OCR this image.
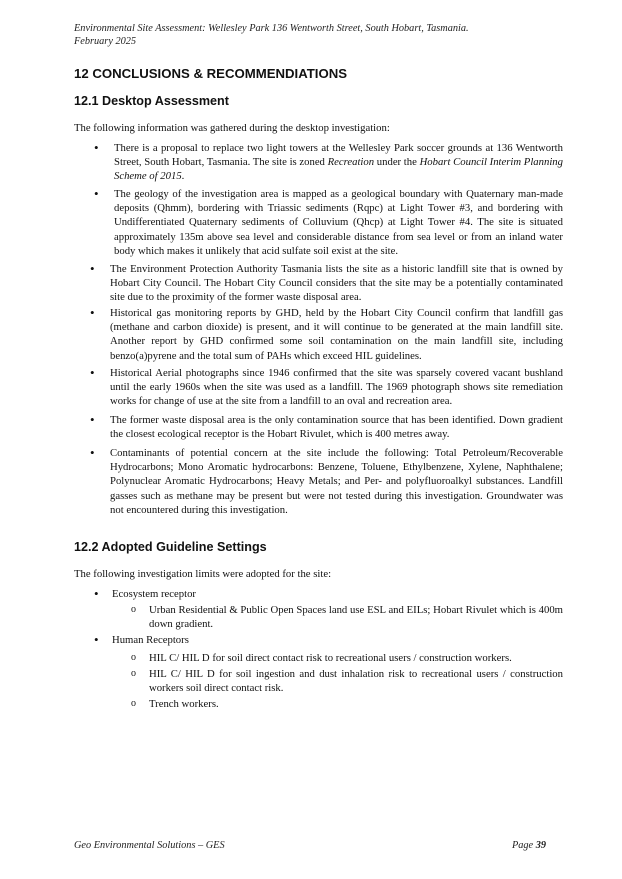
Environmental Site Assessment: Wellesley Park 136 Wentworth Street, South Hobart, Tasmania.
February 2025
12 CONCLUSIONS & RECOMMENDIATIONS
12.1 Desktop Assessment
The following information was gathered during the desktop investigation:
• There is a proposal to replace two light towers at the Wellesley Park soccer grounds at 136 Wentworth Street, South Hobart, Tasmania. The site is zoned Recreation under the Hobart Council Interim Planning Scheme of 2015.
• The geology of the investigation area is mapped as a geological boundary with Quaternary man-made deposits (Qhmm), bordering with Triassic sediments (Rqpc) at Light Tower #3, and bordering with Undifferentiated Quaternary sediments of Colluvium (Qhcp) at Light Tower #4. The site is situated approximately 135m above sea level and considerable distance from sea level or from an inland water body which makes it unlikely that acid sulfate soil exist at the site.
• The Environment Protection Authority Tasmania lists the site as a historic landfill site that is owned by Hobart City Council. The Hobart City Council considers that the site may be a potentially contaminated site due to the proximity of the former waste disposal area.
• Historical gas monitoring reports by GHD, held by the Hobart City Council confirm that landfill gas (methane and carbon dioxide) is present, and it will continue to be generated at the main landfill site. Another report by GHD confirmed some soil contamination on the main landfill site, including benzo(a)pyrene and the total sum of PAHs which exceed HIL guidelines.
• Historical Aerial photographs since 1946 confirmed that the site was sparsely covered vacant bushland until the early 1960s when the site was used as a landfill. The 1969 photograph shows site remediation works for change of use at the site from a landfill to an oval and recreation area.
• The former waste disposal area is the only contamination source that has been identified. Down gradient the closest ecological receptor is the Hobart Rivulet, which is 400 metres away.
• Contaminants of potential concern at the site include the following: Total Petroleum/Recoverable Hydrocarbons; Mono Aromatic hydrocarbons: Benzene, Toluene, Ethylbenzene, Xylene, Naphthalene; Polynuclear Aromatic Hydrocarbons; Heavy Metals; and Per- and polyfluoroalkyl substances. Landfill gasses such as methane may be present but were not tested during this investigation. Groundwater was not encountered during this investigation.
12.2 Adopted Guideline Settings
The following investigation limits were adopted for the site:
• Ecosystem receptor
o Urban Residential & Public Open Spaces land use ESL and EILs; Hobart Rivulet which is 400m down gradient.
• Human Receptors
o HIL C/ HIL D for soil direct contact risk to recreational users / construction workers.
o HIL C/ HIL D for soil ingestion and dust inhalation risk to recreational users / construction workers soil direct contact risk.
o Trench workers.
Geo Environmental Solutions – GES	Page 39
